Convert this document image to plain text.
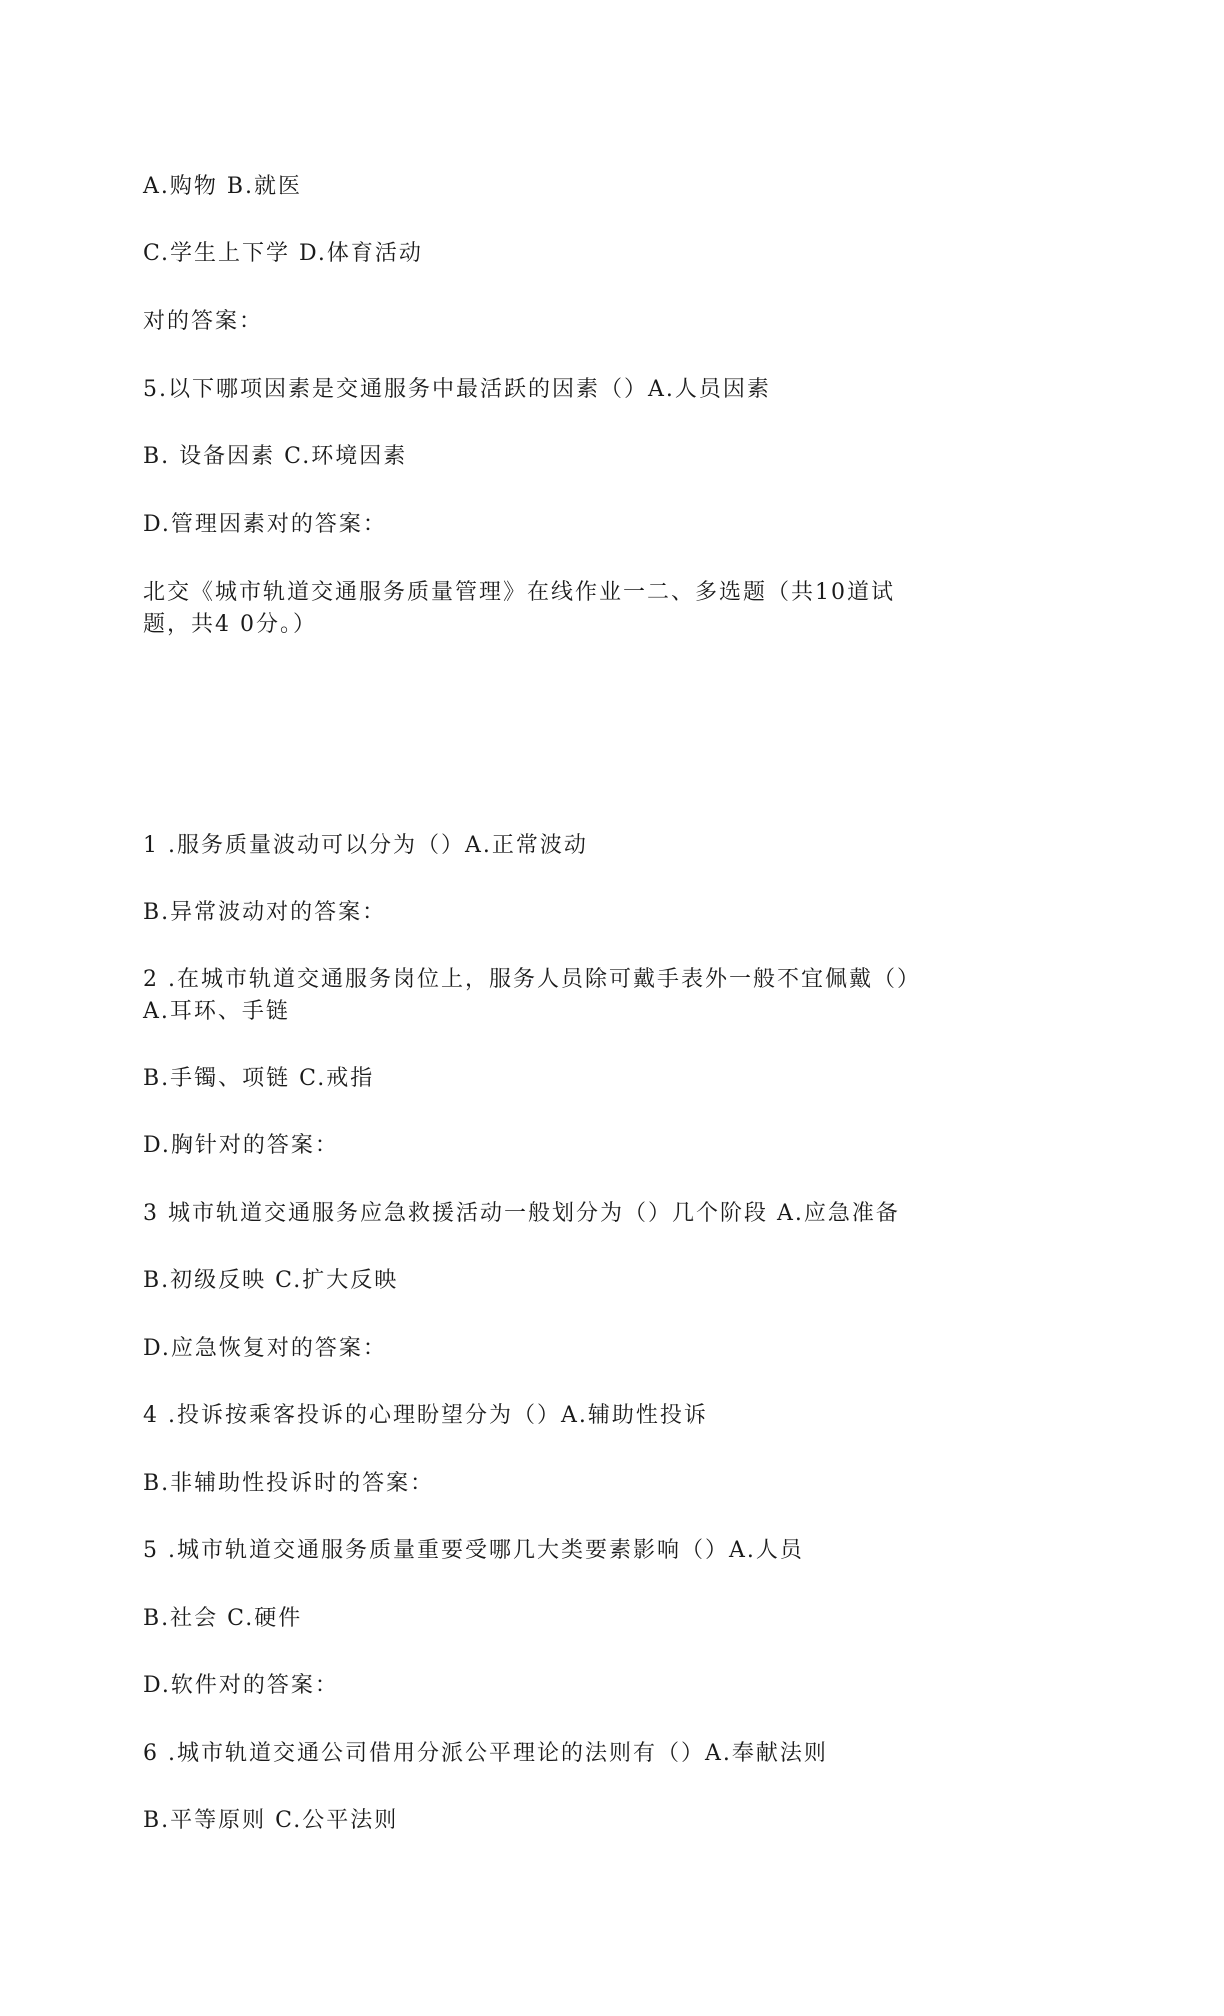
A.购物 B.就医
C.学生上下学 D.体育活动
对的答案：
5.以下哪项因素是交通服务中最活跃的因素（）A.人员因素
B. 设备因素 C.环境因素
D.管理因素对的答案：
北交《城市轨道交通服务质量管理》在线作业一二、多选题（共10道试题，共4 0分。）
1 .服务质量波动可以分为（）A.正常波动
B.异常波动对的答案：
2 .在城市轨道交通服务岗位上，服务人员除可戴手表外一般不宜佩戴（）A.耳环、手链
B.手镯、项链 C.戒指
D.胸针对的答案：
3 城市轨道交通服务应急救援活动一般划分为（）几个阶段 A.应急准备
B.初级反映 C.扩大反映
D.应急恢复对的答案：
4 .投诉按乘客投诉的心理盼望分为（）A.辅助性投诉
B.非辅助性投诉时的答案：
5 .城市轨道交通服务质量重要受哪几大类要素影响（）A.人员
B.社会 C.硬件
D.软件对的答案：
6 .城市轨道交通公司借用分派公平理论的法则有（）A.奉献法则
B.平等原则 C.公平法则
